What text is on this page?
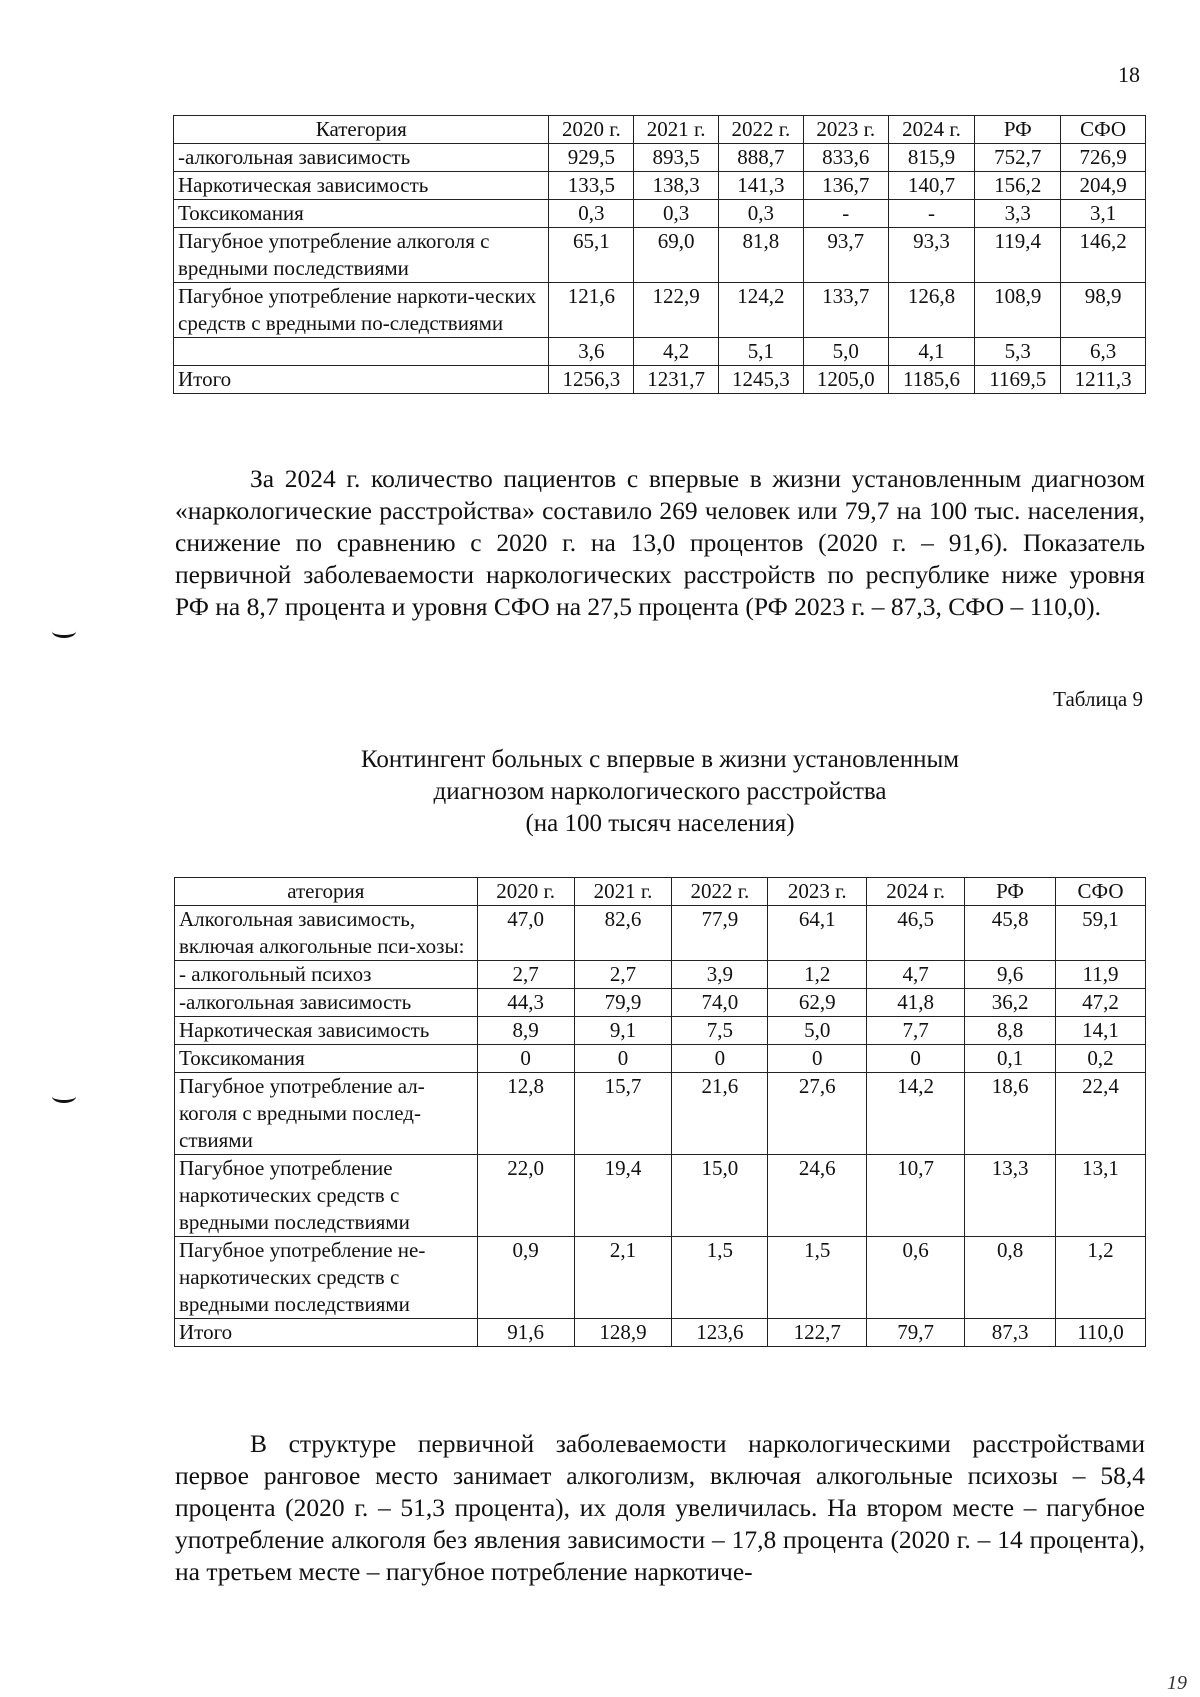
18
Категория	2020 г.	2021 г.	2022 г.	2023 г.	2024 г.	РФ	СФО
-алкогольная зависимость	929,5	893,5	888,7	833,6	815,9	752,7	726,9
Наркотическая зависимость	133,5	138,3	141,3	136,7	140,7	156,2	204,9
Токсикомания	0,3	0,3	0,3	-	-	3,3	3,1
Пагубное употребление алкоголя с вредными последствиями	65,1	69,0	81,8	93,7	93,3	119,4	146,2
Пагубное употребление наркоти-ческих средств с вредными по-следствиями	121,6	122,9	124,2	133,7	126,8	108,9	98,9
	3,6	4,2	5,1	5,0	4,1	5,3	6,3
Итого	1256,3	1231,7	1245,3	1205,0	1185,6	1169,5	1211,3

За 2024 г. количество пациентов с впервые в жизни установленным диагнозом «наркологические расстройства» составило 269 человек или 79,7 на 100 тыс. населения, снижение по сравнению с 2020 г. на 13,0 процентов (2020 г. – 91,6). Показатель первичной заболеваемости наркологических расстройств по республике ниже уровня РФ на 8,7 процента и уровня СФО на 27,5 процента (РФ 2023 г. – 87,3, СФО – 110,0).

Таблица 9
Контингент больных с впервые в жизни установленным
диагнозом наркологического расстройства
(на 100 тысяч населения)
атегория	2020 г.	2021 г.	2022 г.	2023 г.	2024 г.	РФ	СФО
Алкогольная зависимость, включая алкогольные пси-хозы:	47,0	82,6	77,9	64,1	46,5	45,8	59,1
- алкогольный психоз	2,7	2,7	3,9	1,2	4,7	9,6	11,9
-алкогольная зависимость	44,3	79,9	74,0	62,9	41,8	36,2	47,2
Наркотическая зависимость	8,9	9,1	7,5	5,0	7,7	8,8	14,1
Токсикомания	0	0	0	0	0	0,1	0,2
Пагубное употребление ал-коголя с вредными послед-ствиями	12,8	15,7	21,6	27,6	14,2	18,6	22,4
Пагубное употребление наркотических средств с вредными последствиями	22,0	19,4	15,0	24,6	10,7	13,3	13,1
Пагубное употребление не-наркотических средств с вредными последствиями	0,9	2,1	1,5	1,5	0,6	0,8	1,2
Итого	91,6	128,9	123,6	122,7	79,7	87,3	110,0

В структуре первичной заболеваемости наркологическими расстройствами первое ранговое место занимает алкоголизм, включая алкогольные психозы – 58,4 процента (2020 г. – 51,3 процента), их доля увеличилась. На втором месте – пагубное употребление алкоголя без явления зависимости – 17,8 процента (2020 г. – 14 процента), на третьем месте – пагубное потребление наркотиче-

19
